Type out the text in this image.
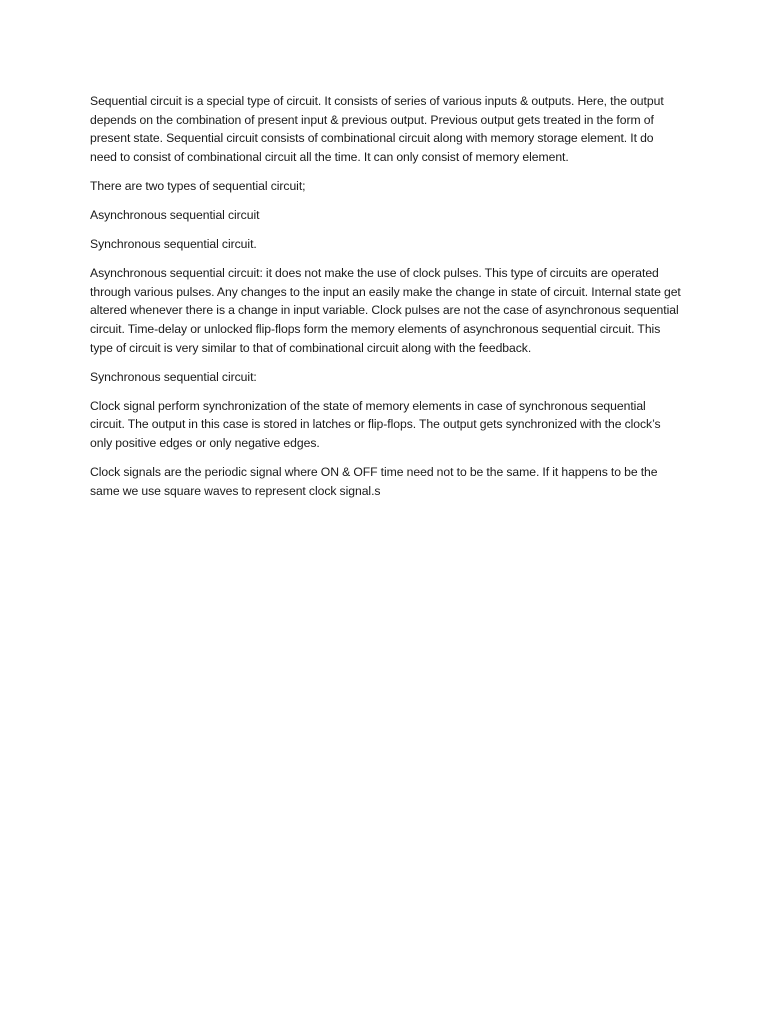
Sequential circuit is a special type of circuit. It consists of series of various inputs & outputs. Here, the output depends on the combination of present input & previous output. Previous output gets treated in the form of present state. Sequential circuit consists of combinational circuit along with memory storage element. It do need to consist of combinational circuit all the time. It can only consist of memory element.

There are two types of sequential circuit;

Asynchronous sequential circuit

Synchronous sequential circuit.

Asynchronous sequential circuit: it does not make the use of clock pulses. This type of circuits are operated through various pulses. Any changes to the input an easily make the change in state of circuit. Internal state get altered whenever there is a change in input variable. Clock pulses are not the case of asynchronous sequential circuit. Time-delay or unlocked flip-flops form the memory elements of asynchronous sequential circuit. This type of circuit is very similar to that of combinational circuit along with the feedback.

Synchronous sequential circuit:

Clock signal perform synchronization of the state of memory elements in case of synchronous sequential circuit. The output in this case is stored in latches or flip-flops. The output gets synchronized with the clock’s only positive edges or only negative edges.

Clock signals are the periodic signal where ON & OFF time need not to be the same. If it happens to be the same we use square waves to represent clock signal.s
